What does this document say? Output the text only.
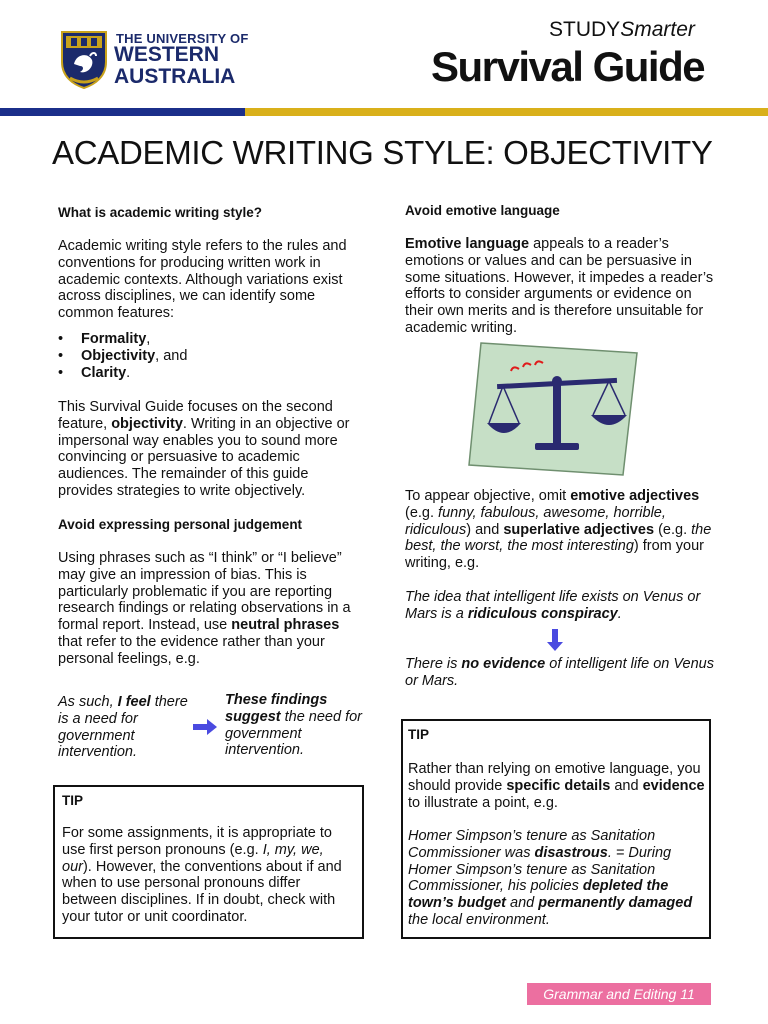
THE UNIVERSITY OF
WESTERN
AUSTRALIA
STUDYSmarter
Survival Guide
ACADEMIC WRITING STYLE: OBJECTIVITY
What is academic writing style?

Academic writing style refers to the rules and conventions for producing written work in academic contexts. Although variations exist across disciplines, we can identify some common features:

• Formality,
• Objectivity, and
• Clarity.

This Survival Guide focuses on the second feature, objectivity. Writing in an objective or impersonal way enables you to sound more convincing or persuasive to academic audiences. The remainder of this guide provides strategies to write objectively.

Avoid expressing personal judgement

Using phrases such as “I think” or “I believe” may give an impression of bias. This is particularly problematic if you are reporting research findings or relating observations in a formal report. Instead, use neutral phrases that refer to the evidence rather than your personal feelings, e.g.

As such, I feel there is a need for government intervention.

These findings suggest the need for government intervention.

TIP

For some assignments, it is appropriate to use first person pronouns (e.g. I, my, we, our). However, the conventions about if and when to use personal pronouns differ between disciplines. If in doubt, check with your tutor or unit coordinator.

Avoid emotive language

Emotive language appeals to a reader’s emotions or values and can be persuasive in some situations. However, it impedes a reader’s efforts to consider arguments or evidence on their own merits and is therefore unsuitable for academic writing.

To appear objective, omit emotive adjectives (e.g. funny, fabulous, awesome, horrible, ridiculous) and superlative adjectives (e.g. the best, the worst, the most interesting) from your writing, e.g.

The idea that intelligent life exists on Venus or Mars is a ridiculous conspiracy.

There is no evidence of intelligent life on Venus or Mars.

TIP

Rather than relying on emotive language, you should provide specific details and evidence to illustrate a point, e.g.

Homer Simpson’s tenure as Sanitation Commissioner was disastrous. = During Homer Simpson’s tenure as Sanitation Commissioner, his policies depleted the town’s budget and permanently damaged the local environment.

Grammar and Editing 11
